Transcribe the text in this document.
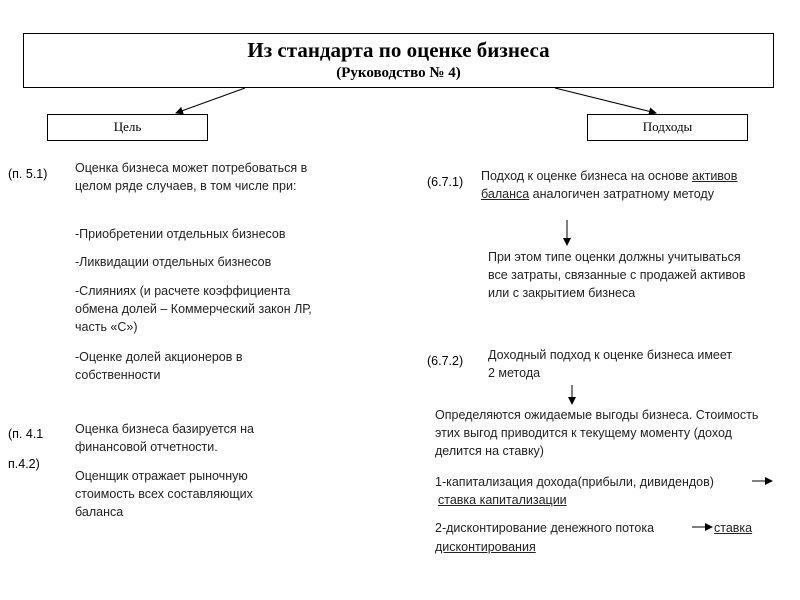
Из стандарта по оценке бизнеса
(Руководство № 4)
Цель	Подходы
(п. 5.1) Оценка бизнеса может потребоваться в целом ряде случаев, в том числе при:
-Приобретении отдельных бизнесов
-Ликвидации отдельных бизнесов
-Слияниях (и расчете коэффициента обмена долей – Коммерческий закон ЛР, часть «С»)
-Оценке долей акционеров в собственности
(п. 4.1
п.4.2)
Оценка бизнеса базируется на финансовой отчетности.
Оценщик отражает рыночную стоимость всех составляющих баланса
(6.7.1) Подход к оценке бизнеса на основе активов баланса аналогичен затратному методу
При этом типе оценки должны учитываться все затраты, связанные с продажей активов или с закрытием бизнеса
(6.7.2) Доходный подход к оценке бизнеса имеет 2 метода
Определяются ожидаемые выгоды бизнеса. Стоимость этих выгод приводится к текущему моменту (доход делится на ставку)
1-капитализация дохода(прибыли, дивидендов)
ставка капитализации
2-дисконтирование денежного потока	ставка
дисконтирования
